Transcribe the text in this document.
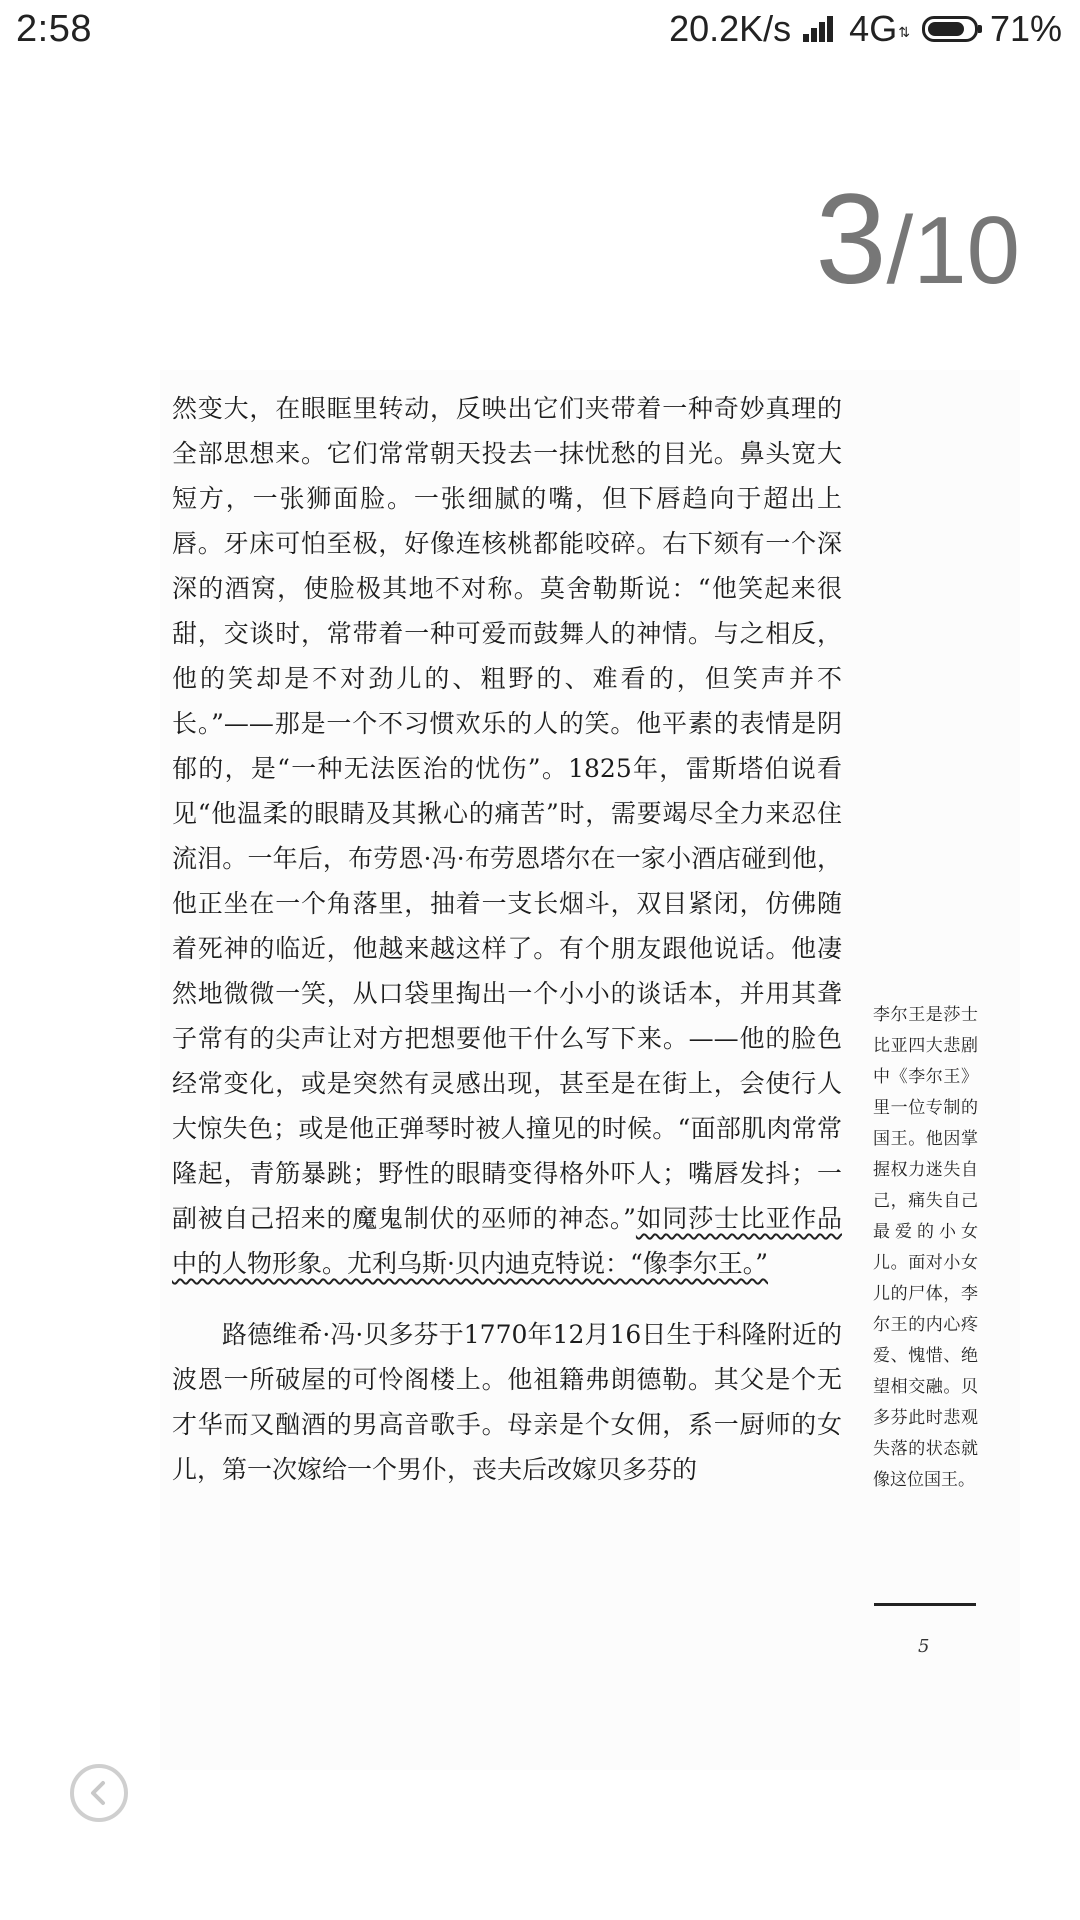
2:58	20.2K/s 4G ⇅ 71%
3 /10

然变大，在眼眶里转动，反映出它们夹带着一种奇妙真理的全部思想来。它们常常朝天投去一抹忧愁的目光。鼻头宽大短方，一张狮面脸。一张细腻的嘴，但下唇趋向于超出上唇。牙床可怕至极，好像连核桃都能咬碎。右下颏有一个深深的酒窝，使脸极其地不对称。莫舍勒斯说：“他笑起来很甜，交谈时，常带着一种可爱而鼓舞人的神情。与之相反，他的笑却是不对劲儿的、粗野的、难看的，但笑声并不长。”——那是一个不习惯欢乐的人的笑。他平素的表情是阴郁的，是“一种无法医治的忧伤”。1825年，雷斯塔伯说看见“他温柔的眼睛及其揪心的痛苦”时，需要竭尽全力来忍住流泪。一年后，布劳恩·冯·布劳恩塔尔在一家小酒店碰到他，他正坐在一个角落里，抽着一支长烟斗，双目紧闭，仿佛随着死神的临近，他越来越这样了。有个朋友跟他说话。他凄然地微微一笑，从口袋里掏出一个小小的谈话本，并用其聋子常有的尖声让对方把想要他干什么写下来。——他的脸色经常变化，或是突然有灵感出现，甚至是在街上，会使行人大惊失色；或是他正弹琴时被人撞见的时候。“面部肌肉常常隆起，青筋暴跳；野性的眼睛变得格外吓人；嘴唇发抖；一副被自己招来的魔鬼制伏的巫师的神态。”如同莎士比亚作品中的人物形象。尤利乌斯·贝内迪克特说：“像李尔王。”

路德维希·冯·贝多芬于1770年12月16日生于科隆附近的波恩一所破屋的可怜阁楼上。他祖籍弗朗德勒。其父是个无才华而又酗酒的男高音歌手。母亲是个女佣，系一厨师的女儿，第一次嫁给一个男仆，丧夫后改嫁贝多芬的

李尔王是莎士比亚四大悲剧中《李尔王》里一位专制的国王。他因掌握权力迷失自己，痛失自己最爱的小女儿。面对小女儿的尸体，李尔王的内心疼爱、愧惜、绝望相交融。贝多芬此时悲观失落的状态就像这位国王。
5
